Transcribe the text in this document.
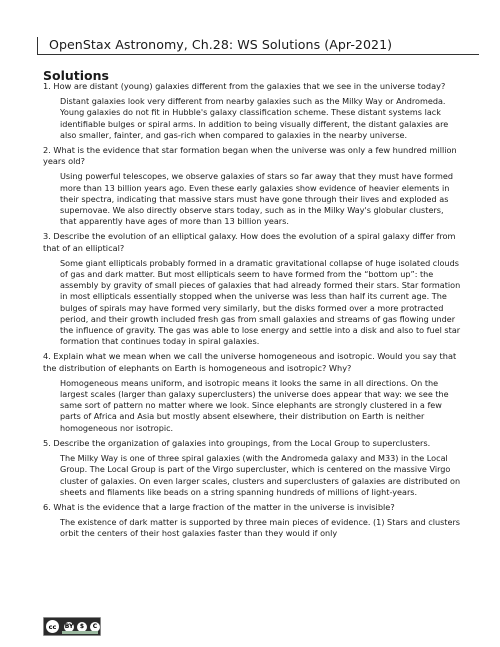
OpenStax Astronomy, Ch.28: WS Solutions (Apr-2021)
Solutions

1. How are distant (young) galaxies different from the galaxies that we see in the universe today?

Distant galaxies look very different from nearby galaxies such as the Milky Way or Andromeda. Young galaxies do not fit in Hubble's galaxy classification scheme. These distant systems lack identifiable bulges or spiral arms. In addition to being visually different, the distant galaxies are also smaller, fainter, and gas-rich when compared to galaxies in the nearby universe.

2. What is the evidence that star formation began when the universe was only a few hundred million years old?

Using powerful telescopes, we observe galaxies of stars so far away that they must have formed more than 13 billion years ago. Even these early galaxies show evidence of heavier elements in their spectra, indicating that massive stars must have gone through their lives and exploded as supernovae. We also directly observe stars today, such as in the Milky Way's globular clusters, that apparently have ages of more than 13 billion years.

3. Describe the evolution of an elliptical galaxy. How does the evolution of a spiral galaxy differ from that of an elliptical?

Some giant ellipticals probably formed in a dramatic gravitational collapse of huge isolated clouds of gas and dark matter. But most ellipticals seem to have formed from the “bottom up”: the assembly by gravity of small pieces of galaxies that had already formed their stars. Star formation in most ellipticals essentially stopped when the universe was less than half its current age. The bulges of spirals may have formed very similarly, but the disks formed over a more protracted period, and their growth included fresh gas from small galaxies and streams of gas flowing under the influence of gravity. The gas was able to lose energy and settle into a disk and also to fuel star formation that continues today in spiral galaxies.

4. Explain what we mean when we call the universe homogeneous and isotropic. Would you say that the distribution of elephants on Earth is homogeneous and isotropic? Why?

Homogeneous means uniform, and isotropic means it looks the same in all directions. On the largest scales (larger than galaxy superclusters) the universe does appear that way: we see the same sort of pattern no matter where we look. Since elephants are strongly clustered in a few parts of Africa and Asia but mostly absent elsewhere, their distribution on Earth is neither homogeneous nor isotropic.

5. Describe the organization of galaxies into groupings, from the Local Group to superclusters.

The Milky Way is one of three spiral galaxies (with the Andromeda galaxy and M33) in the Local Group. The Local Group is part of the Virgo supercluster, which is centered on the massive Virgo cluster of galaxies. On even larger scales, clusters and superclusters of galaxies are distributed on sheets and filaments like beads on a string spanning hundreds of millions of light-years.

6. What is the evidence that a large fraction of the matter in the universe is invisible?

The existence of dark matter is supported by three main pieces of evidence. (1) Stars and clusters orbit the centers of their host galaxies faster than they would if only

cc	BY	$	C
